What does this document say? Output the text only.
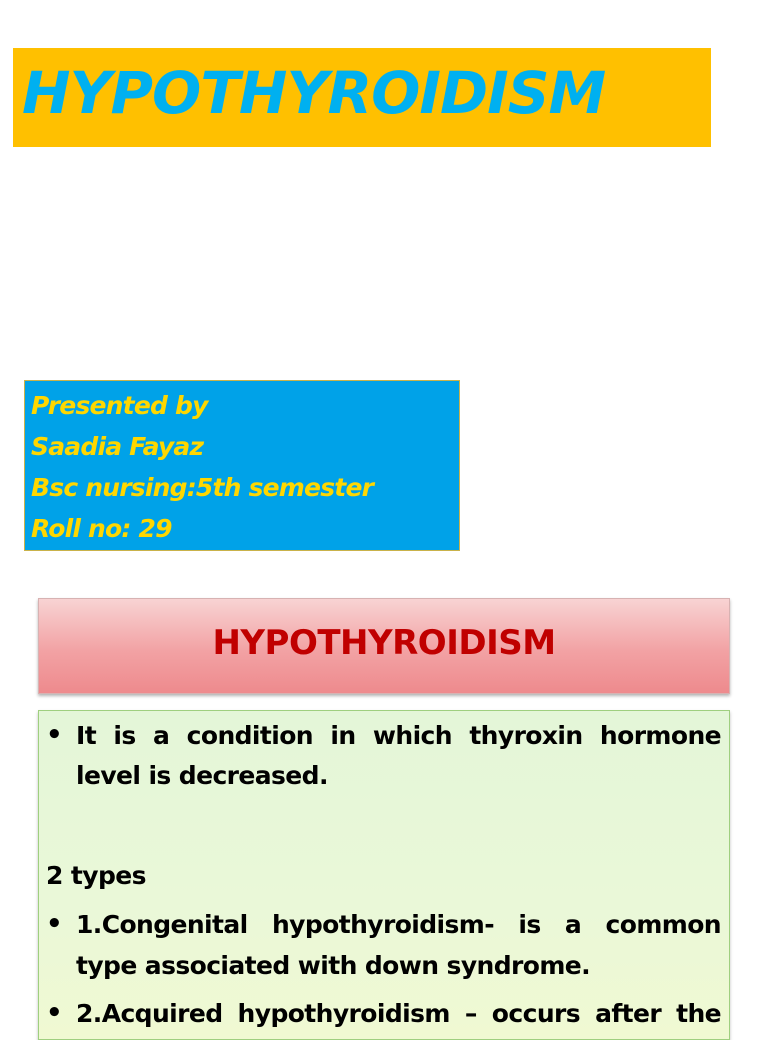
HYPOTHYROIDISM
Presented by
Saadia Fayaz
Bsc nursing:5th semester
Roll no: 29
HYPOTHYROIDISM
• It is a condition in which thyroxin hormone
level is decreased.
2 types
• 1.Congenital hypothyroidism- is a common
type associated with down syndrome.
• 2.Acquired hypothyroidism – occurs after the
